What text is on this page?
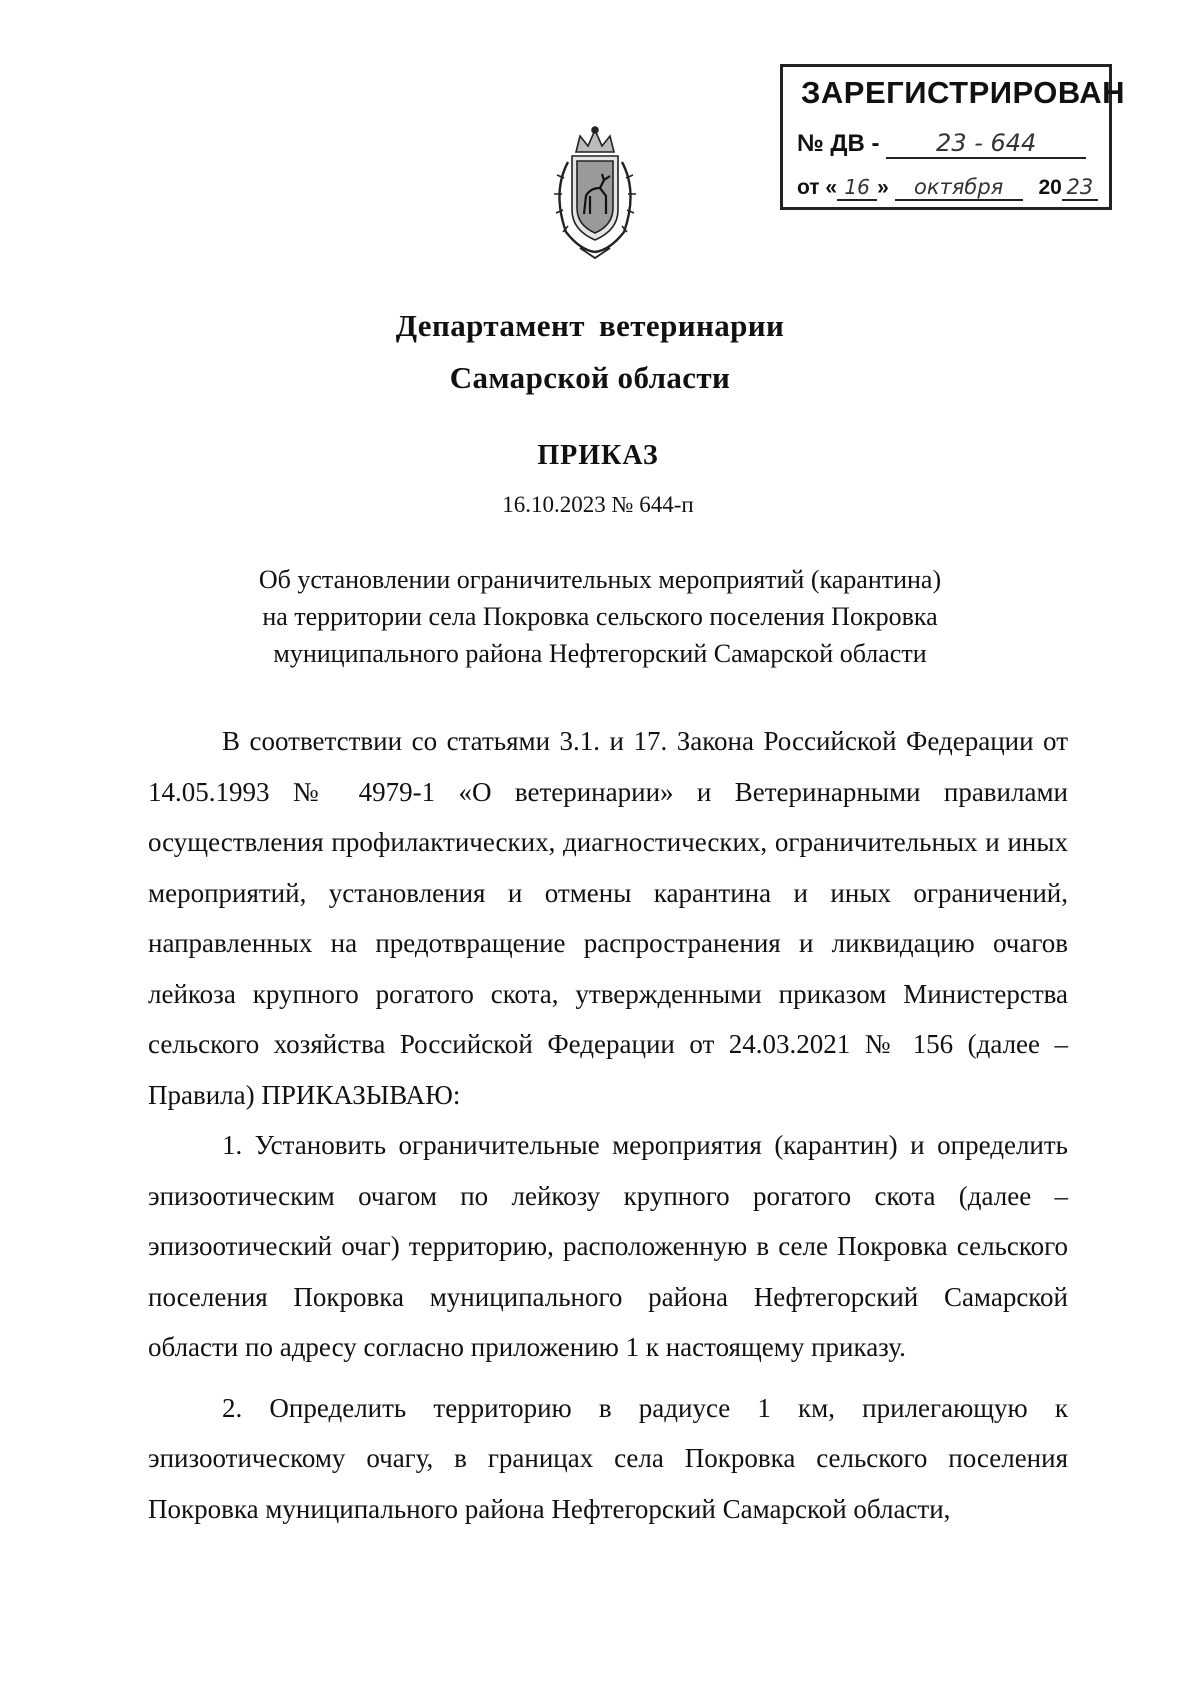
ЗАРЕГИСТРИРОВАН
№ ДВ - 23 - 644
от « 16 » октября 20 23
Департамент ветеринарии
Самарской области
ПРИКАЗ
16.10.2023 № 644-п
Об установлении ограничительных мероприятий (карантина)
на территории села Покровка сельского поселения Покровка
муниципального района Нефтегорский Самарской области

В соответствии со статьями 3.1. и 17. Закона Российской Федерации от 14.05.1993 № 4979-1 «О ветеринарии» и Ветеринарными правилами осуществления профилактических, диагностических, ограничительных и иных мероприятий, установления и отмены карантина и иных ограничений, направленных на предотвращение распространения и ликвидацию очагов лейкоза крупного рогатого скота, утвержденными приказом Министерства сельского хозяйства Российской Федерации от 24.03.2021 № 156 (далее – Правила) ПРИКАЗЫВАЮ:

1. Установить ограничительные мероприятия (карантин) и определить эпизоотическим очагом по лейкозу крупного рогатого скота (далее – эпизоотический очаг) территорию, расположенную в селе Покровка сельского поселения Покровка муниципального района Нефтегорский Самарской области по адресу согласно приложению 1 к настоящему приказу.

2. Определить территорию в радиусе 1 км, прилегающую к эпизоотическому очагу, в границах села Покровка сельского поселения Покровка муниципального района Нефтегорский Самарской области,
